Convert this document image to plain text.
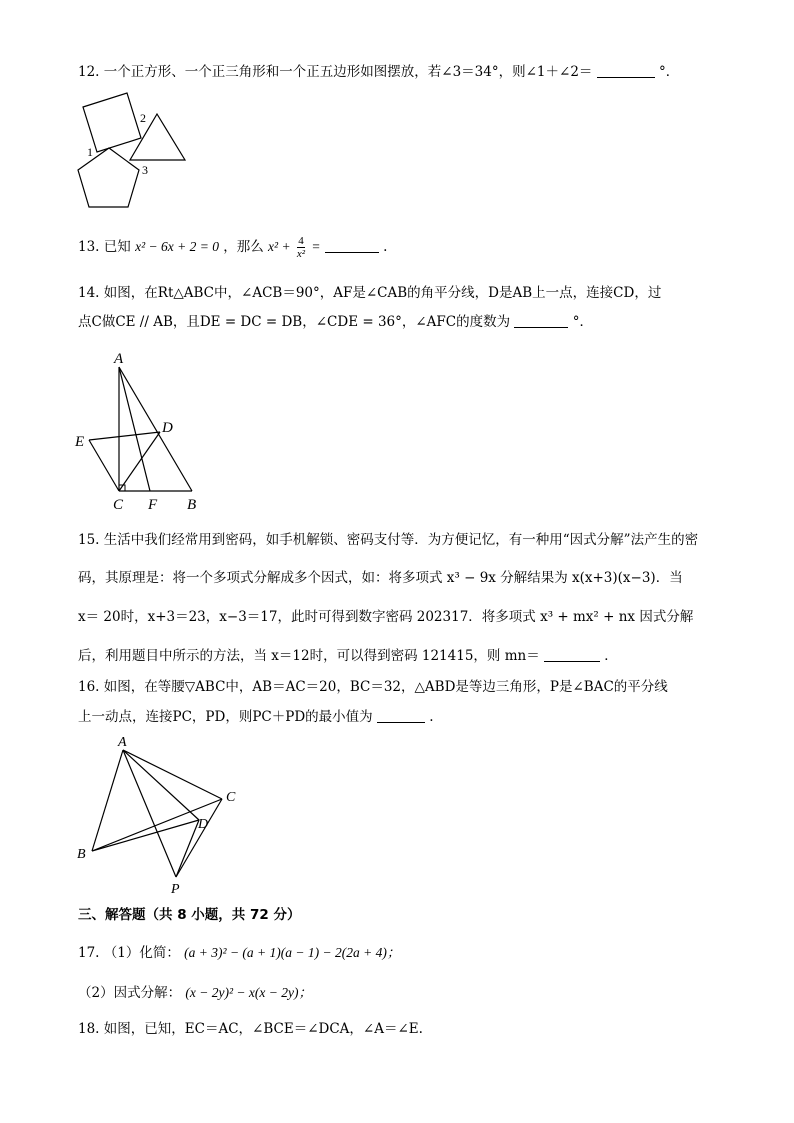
12. 一个正方形、一个正三角形和一个正五边形如图摆放，若∠3＝34°，则∠1＋∠2＝	°．
1
2
3
13. 已知 x² − 6x + 2 = 0 ，那么 $x^2 + \frac{4}{\text{x²}}$ =	.
14. 如图，在Rt△ABC中，∠ACB＝90°，AF是∠CAB的角平分线，D是AB上一点，连接CD，过
点C做CE // AB，且DE = DC = DB，∠CDE = 36°，∠AFC的度数为	°．
A
D
E
C F B
15. 生活中我们经常用到密码，如手机解锁、密码支付等．为方便记忆，有一种用“因式分解”法产生的密
码，其原理是：将一个多项式分解成多个因式，如：将多项式 x³ − 9x 分解结果为 x(x+3)(x−3)．当
x＝ 20时，x+3＝23，x−3＝17，此时可得到数字密码 202317．将多项式 x³ + mx² + nx 因式分解
后，利用题目中所示的方法，当 x＝12时，可以得到密码 121415，则 mn＝	．
16. 如图，在等腰▽ABC中，AB＝AC＝20，BC＝32，△ABD是等边三角形，P是∠BAC的平分线
上一动点，连接PC，PD，则PC＋PD的最小值为	.
A
C
D
B
P
三、解答题（共 8 小题，共 72 分）
17. （1）化简： (a + 3)² − (a + 1)(a − 1) − 2(2a + 4)；
（2）因式分解： (x − 2y)² − x(x − 2y)；
18. 如图，已知，EC＝AC，∠BCE＝∠DCA，∠A＝∠E.
